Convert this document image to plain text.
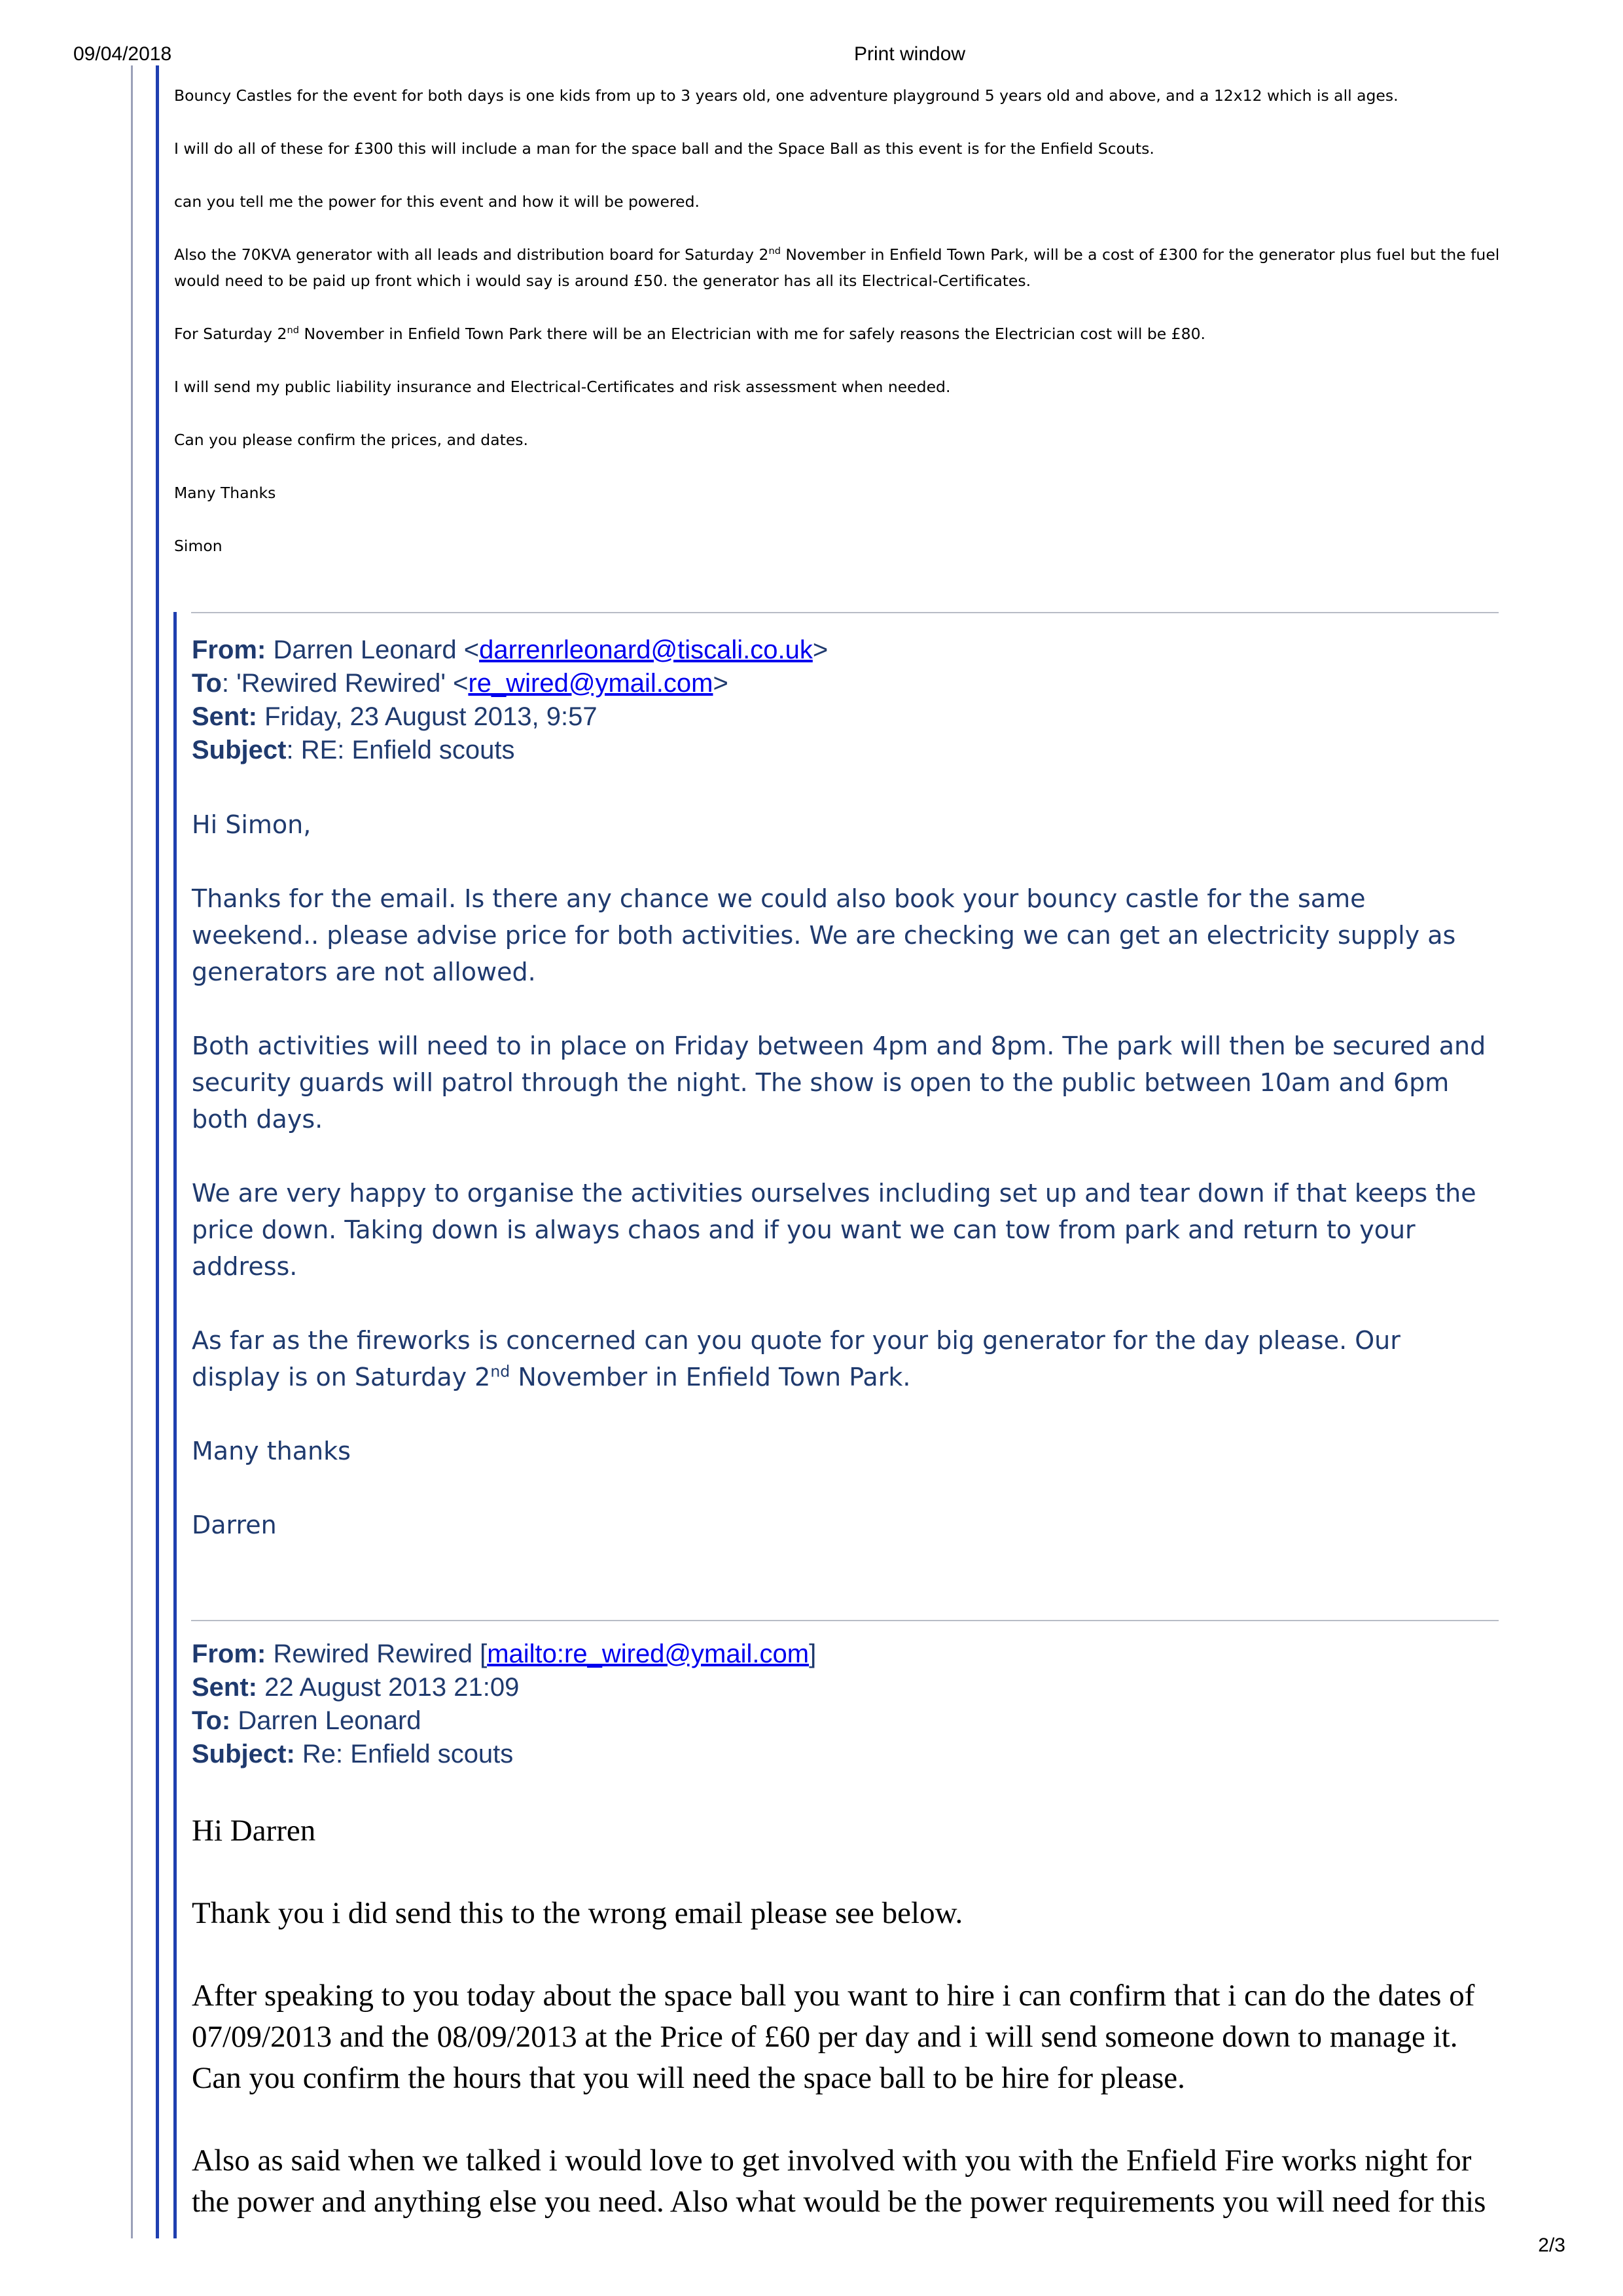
09/04/2018	Print window

Bouncy Castles for the event for both days is one kids from up to 3 years old, one adventure playground 5 years old and above, and a 12x12 which is all ages.

I will do all of these for £300 this will include a man for the space ball and the Space Ball as this event is for the Enfield Scouts.

can you tell me the power for this event and how it will be powered.

Also the 70KVA generator with all leads and distribution board for Saturday 2nd November in Enfield Town Park, will be a cost of £300 for the generator plus fuel but the fuel would need to be paid up front which i would say is around £50. the generator has all its Electrical-Certificates.

For Saturday 2nd November in Enfield Town Park there will be an Electrician with me for safely reasons the Electrician cost will be £80.

I will send my public liability insurance and Electrical-Certificates and risk assessment when needed.

Can you please confirm the prices, and dates.

Many Thanks

Simon

From: Darren Leonard <darrenrleonard@tiscali.co.uk>
To: 'Rewired Rewired' <re_wired@ymail.com>
Sent: Friday, 23 August 2013, 9:57
Subject: RE: Enfield scouts

Hi Simon,

Thanks for the email. Is there any chance we could also book your bouncy castle for the same weekend.. please advise price for both activities. We are checking we can get an electricity supply as generators are not allowed.

Both activities will need to in place on Friday between 4pm and 8pm. The park will then be secured and security guards will patrol through the night. The show is open to the public between 10am and 6pm both days.

We are very happy to organise the activities ourselves including set up and tear down if that keeps the price down. Taking down is always chaos and if you want we can tow from park and return to your address.

As far as the fireworks is concerned can you quote for your big generator for the day please. Our display is on Saturday 2nd November in Enfield Town Park.

Many thanks

Darren

From: Rewired Rewired [mailto:re_wired@ymail.com]
Sent: 22 August 2013 21:09
To: Darren Leonard
Subject: Re: Enfield scouts

Hi Darren

Thank you i did send this to the wrong email please see below.

After speaking to you today about the space ball you want to hire i can confirm that i can do the dates of 07/09/2013 and the 08/09/2013 at the Price of £60 per day and i will send someone down to manage it. Can you confirm the hours that you will need the space ball to be hire for please.

Also as said when we talked i would love to get involved with you with the Enfield Fire works night for the power and anything else you need. Also what would be the power requirements you will need for this

2/3
